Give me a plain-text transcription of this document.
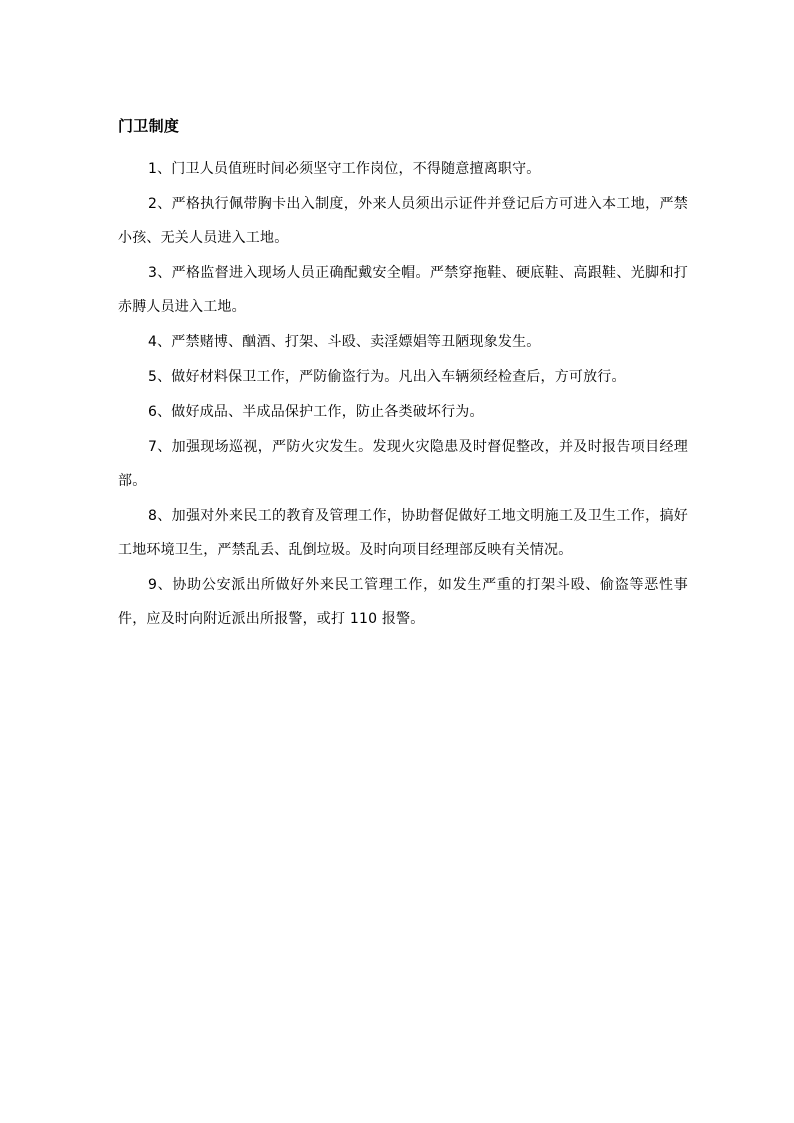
门卫制度

1、门卫人员值班时间必须坚守工作岗位，不得随意擅离职守。

2、严格执行佩带胸卡出入制度，外来人员须出示证件并登记后方可进入本工地，严禁小孩、无关人员进入工地。

3、严格监督进入现场人员正确配戴安全帽。严禁穿拖鞋、硬底鞋、高跟鞋、光脚和打赤膊人员进入工地。

4、严禁赌博、酗酒、打架、斗殴、卖淫嫖娼等丑陋现象发生。

5、做好材料保卫工作，严防偷盗行为。凡出入车辆须经检查后，方可放行。

6、做好成品、半成品保护工作，防止各类破坏行为。

7、加强现场巡视，严防火灾发生。发现火灾隐患及时督促整改，并及时报告项目经理部。

8、加强对外来民工的教育及管理工作，协助督促做好工地文明施工及卫生工作，搞好工地环境卫生，严禁乱丢、乱倒垃圾。及时向项目经理部反映有关情况。

9、协助公安派出所做好外来民工管理工作，如发生严重的打架斗殴、偷盗等恶性事件，应及时向附近派出所报警，或打 110 报警。
